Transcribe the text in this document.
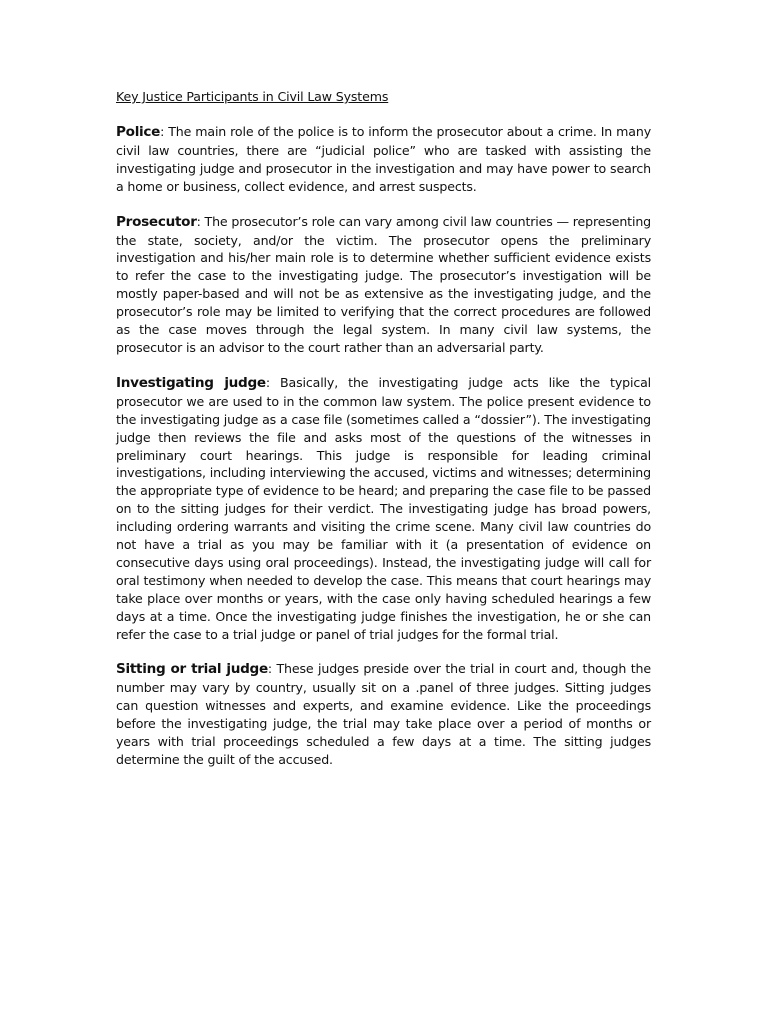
Key Justice Participants in Civil Law Systems

Police: The main role of the police is to inform the prosecutor about a crime. In many civil law countries, there are “judicial police” who are tasked with assisting the investigating judge and prosecutor in the investigation and may have power to search a home or business, collect evidence, and arrest suspects.

Prosecutor: The prosecutor’s role can vary among civil law countries — representing the state, society, and/or the victim. The prosecutor opens the preliminary investigation and his/her main role is to determine whether sufficient evidence exists to refer the case to the investigating judge. The prosecutor’s investigation will be mostly paper-based and will not be as extensive as the investigating judge, and the prosecutor’s role may be limited to verifying that the correct procedures are followed as the case moves through the legal system. In many civil law systems, the prosecutor is an advisor to the court rather than an adversarial party.

Investigating judge: Basically, the investigating judge acts like the typical prosecutor we are used to in the common law system. The police present evidence to the investigating judge as a case file (sometimes called a “dossier”). The investigating judge then reviews the file and asks most of the questions of the witnesses in preliminary court hearings. This judge is responsible for leading criminal investigations, including interviewing the accused, victims and witnesses; determining the appropriate type of evidence to be heard; and preparing the case file to be passed on to the sitting judges for their verdict. The investigating judge has broad powers, including ordering warrants and visiting the crime scene. Many civil law countries do not have a trial as you may be familiar with it (a presentation of evidence on consecutive days using oral proceedings). Instead, the investigating judge will call for oral testimony when needed to develop the case. This means that court hearings may take place over months or years, with the case only having scheduled hearings a few days at a time. Once the investigating judge finishes the investigation, he or she can refer the case to a trial judge or panel of trial judges for the formal trial.

Sitting or trial judge: These judges preside over the trial in court and, though the number may vary by country, usually sit on a .panel of three judges. Sitting judges can question witnesses and experts, and examine evidence. Like the proceedings before the investigating judge, the trial may take place over a period of months or years with trial proceedings scheduled a few days at a time. The sitting judges determine the guilt of the accused.
